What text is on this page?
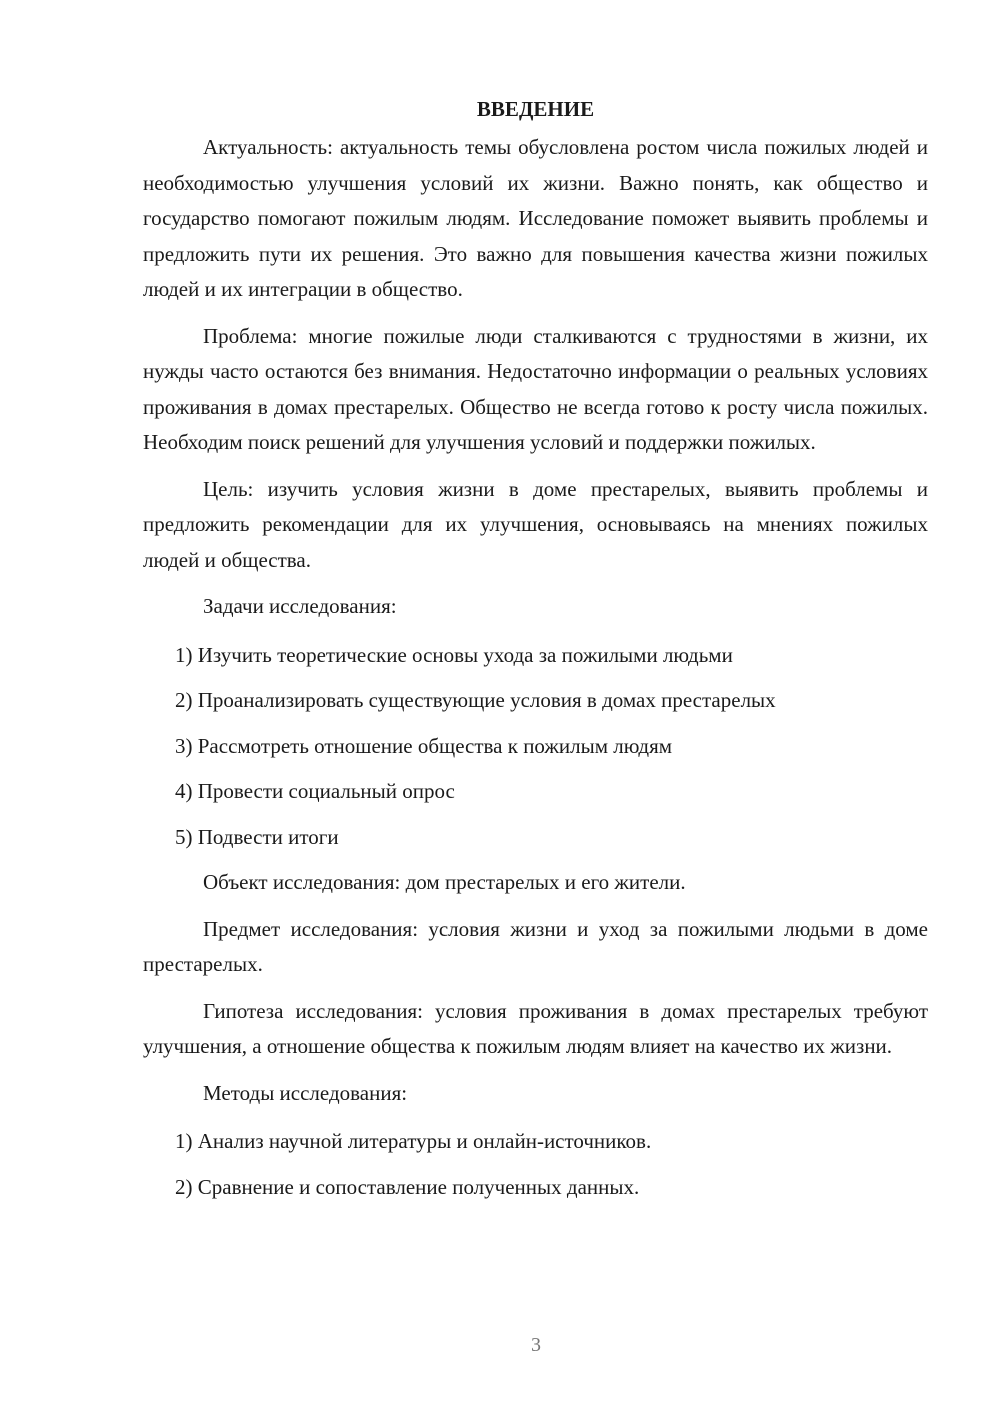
ВВЕДЕНИЕ

Актуальность: актуальность темы обусловлена ростом числа пожилых людей и необходимостью улучшения условий их жизни. Важно понять, как общество и государство помогают пожилым людям. Исследование поможет выявить проблемы и предложить пути их решения. Это важно для повышения качества жизни пожилых людей и их интеграции в общество.

Проблема: многие пожилые люди сталкиваются с трудностями в жизни, их нужды часто остаются без внимания. Недостаточно информации о реальных условиях проживания в домах престарелых. Общество не всегда готово к росту числа пожилых. Необходим поиск решений для улучшения условий и поддержки пожилых.

Цель: изучить условия жизни в доме престарелых, выявить проблемы и предложить рекомендации для их улучшения, основываясь на мнениях пожилых людей и общества.

Задачи исследования:

1) Изучить теоретические основы ухода за пожилыми людьми
2) Проанализировать существующие условия в домах престарелых
3) Рассмотреть отношение общества к пожилым людям
4) Провести социальный опрос
5) Подвести итоги

Объект исследования: дом престарелых и его жители.

Предмет исследования: условия жизни и уход за пожилыми людьми в доме престарелых.

Гипотеза исследования: условия проживания в домах престарелых требуют улучшения, а отношение общества к пожилым людям влияет на качество их жизни.

Методы исследования:

1) Анализ научной литературы и онлайн-источников.
2) Сравнение и сопоставление полученных данных.
3
